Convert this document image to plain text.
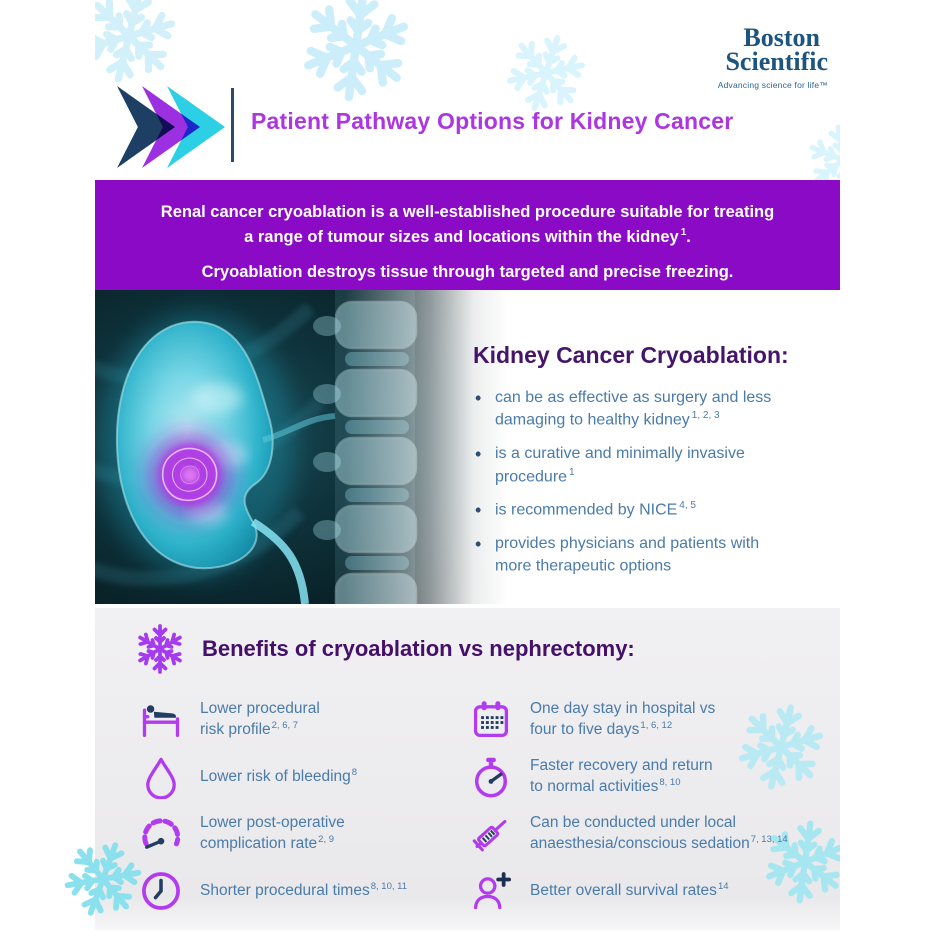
Patient Pathway Options for Kidney Cancer
Boston
Scientific
Advancing science for life™
Renal cancer cryoablation is a well-established procedure suitable for treating a range of tumour sizes and locations within the kidney $^1$.
Cryoablation destroys tissue through targeted and precise freezing.
Kidney Cancer Cryoablation:
• can be as effective as surgery and less damaging to healthy kidney $^{1, 2, 3}$
• is a curative and minimally invasive procedure $^1$
• is recommended by NICE $^{4, 5}$
• provides physicians and patients with more therapeutic options
Benefits of cryoablation vs nephrectomy:
Lower procedural
risk profile$^{2, 6, 7}$
Lower risk of bleeding$^8$
Lower post-operative
complication rate$^{2, 9}$
Shorter procedural times$^{8, 10, 11}$
One day stay in hospital vs
four to five days$^{1, 6, 12}$
Faster recovery and return
to normal activities$^{8, 10}$
Can be conducted under local
anaesthesia/conscious sedation$^{7, 13, 14}$
Better overall survival rates$^{14}$
